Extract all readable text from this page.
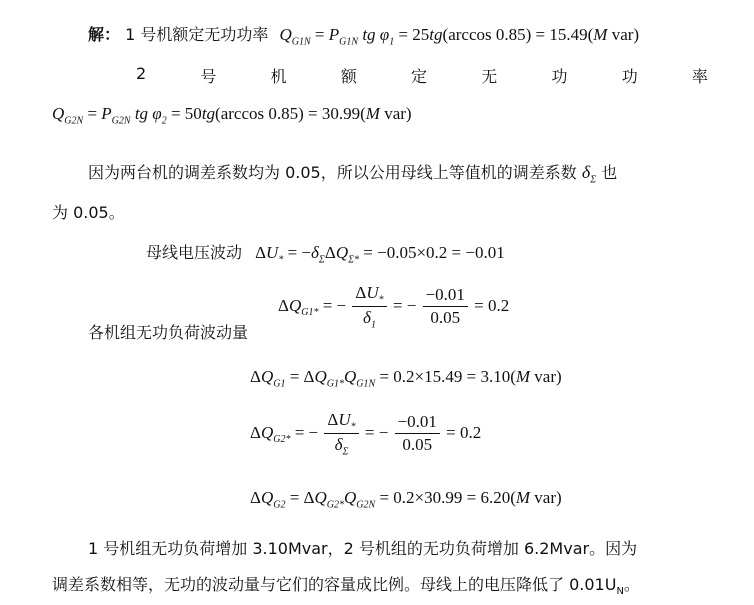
解： 1 号机额定无功功率 $Q_{G1N} = P_{G1N}$ tg $\varphi_1 = 25tg(\arccos$ 0.85) = 15.49(M var)
2	号	机	额	定	无	功	功	率
$Q_{G2N} = P_{G2N}$ tg $\varphi_2 = 50tg(\arccos$ 0.85) = 30.99(M var)
因为两台机的调差系数均为 0.05，所以公用母线上等值机的调差系数 $\delta_\Sigma$ 也
为 0.05。
母线电压波动 $\Delta U_* = -\delta_\Sigma\Delta Q_{\Sigma*} = -0.05\times 0.2 = -0.01$
$\Delta Q_{G1*}$ = − $\frac{\Delta U_*}{\delta_1}$ = − $\frac{-0.01}{0.05} = 0.2$
各机组无功负荷波动量
$\Delta Q_{G1} = \Delta Q_{G1*}Q_{G1N} = 0.2\times 15.49 = 3.10(M$ var)
$\Delta Q_{G2*}$ = − $\frac{\Delta U_*}{\delta_\Sigma}$ = − $\frac{-0.01}{0.05} = 0.2$
$\Delta Q_{G2} = \Delta Q_{G2*}Q_{G2N} = 0.2\times 30.99 = 6.20(M$ var)
1 号机组无功负荷增加 3.10Mvar，2 号机组的无功负荷增加 6.2Mvar。因为
调差系数相等，无功的波动量与它们的容量成比例。母线上的电压降低了 $0.01U_N$。
